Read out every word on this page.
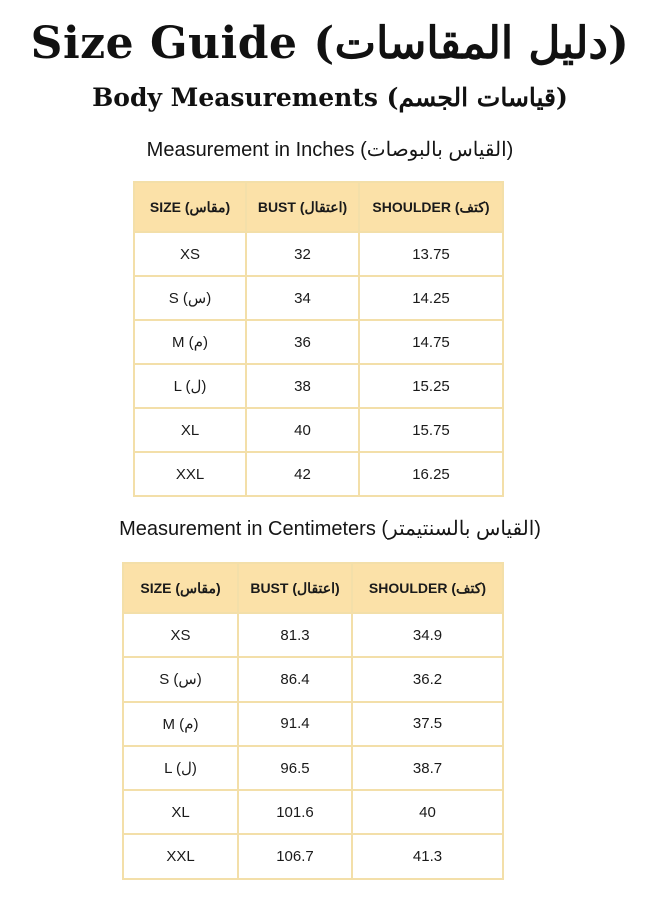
Size Guide (دليل المقاسات)
Body Measurements (قياسات الجسم)
Measurement in Inches (القياس بالبوصات)
SIZE (مقاس)	BUST (اعتقال)	SHOULDER (كتف)
XS	32	13.75
S (س)	34	14.25
M (م)	36	14.75
L (ل)	38	15.25
XL	40	15.75
XXL	42	16.25
Measurement in Centimeters (القياس بالسنتيمتر)
SIZE (مقاس)	BUST (اعتقال)	SHOULDER (كتف)
XS	81.3	34.9
S (س)	86.4	36.2
M (م)	91.4	37.5
L (ل)	96.5	38.7
XL	101.6	40
XXL	106.7	41.3
